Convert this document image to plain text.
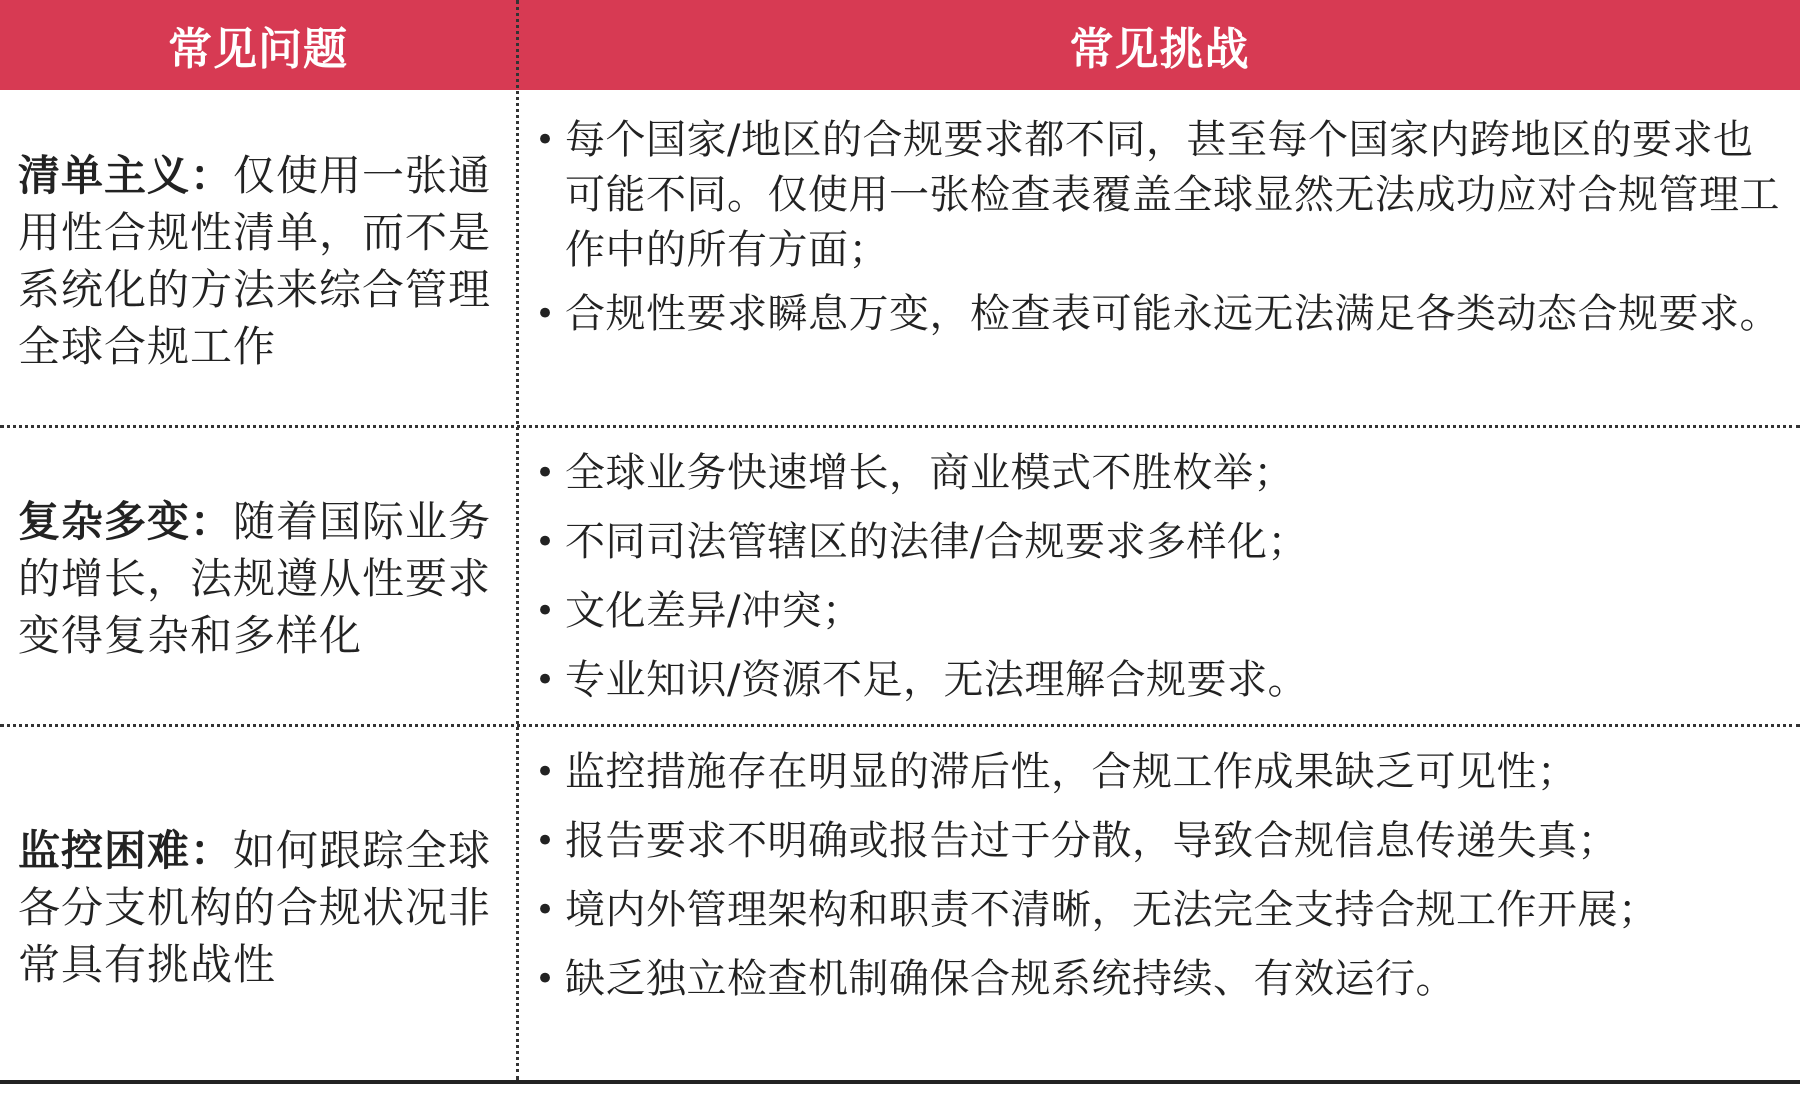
常见问题	常见挑战
清单主义：仅使用一张通用性合规性清单，而不是系统化的方法来综合管理全球合规工作
• 每个国家/地区的合规要求都不同，甚至每个国家内跨地区的要求也可能不同。仅使用一张检查表覆盖全球显然无法成功应对合规管理工作中的所有方面；
• 合规性要求瞬息万变，检查表可能永远无法满足各类动态合规要求。
复杂多变：随着国际业务的增长，法规遵从性要求变得复杂和多样化
• 全球业务快速增长，商业模式不胜枚举；
• 不同司法管辖区的法律/合规要求多样化；
• 文化差异/冲突；
• 专业知识/资源不足，无法理解合规要求。
监控困难：如何跟踪全球各分支机构的合规状况非常具有挑战性
• 监控措施存在明显的滞后性，合规工作成果缺乏可见性；
• 报告要求不明确或报告过于分散，导致合规信息传递失真；
• 境内外管理架构和职责不清晰，无法完全支持合规工作开展；
• 缺乏独立检查机制确保合规系统持续、有效运行。
